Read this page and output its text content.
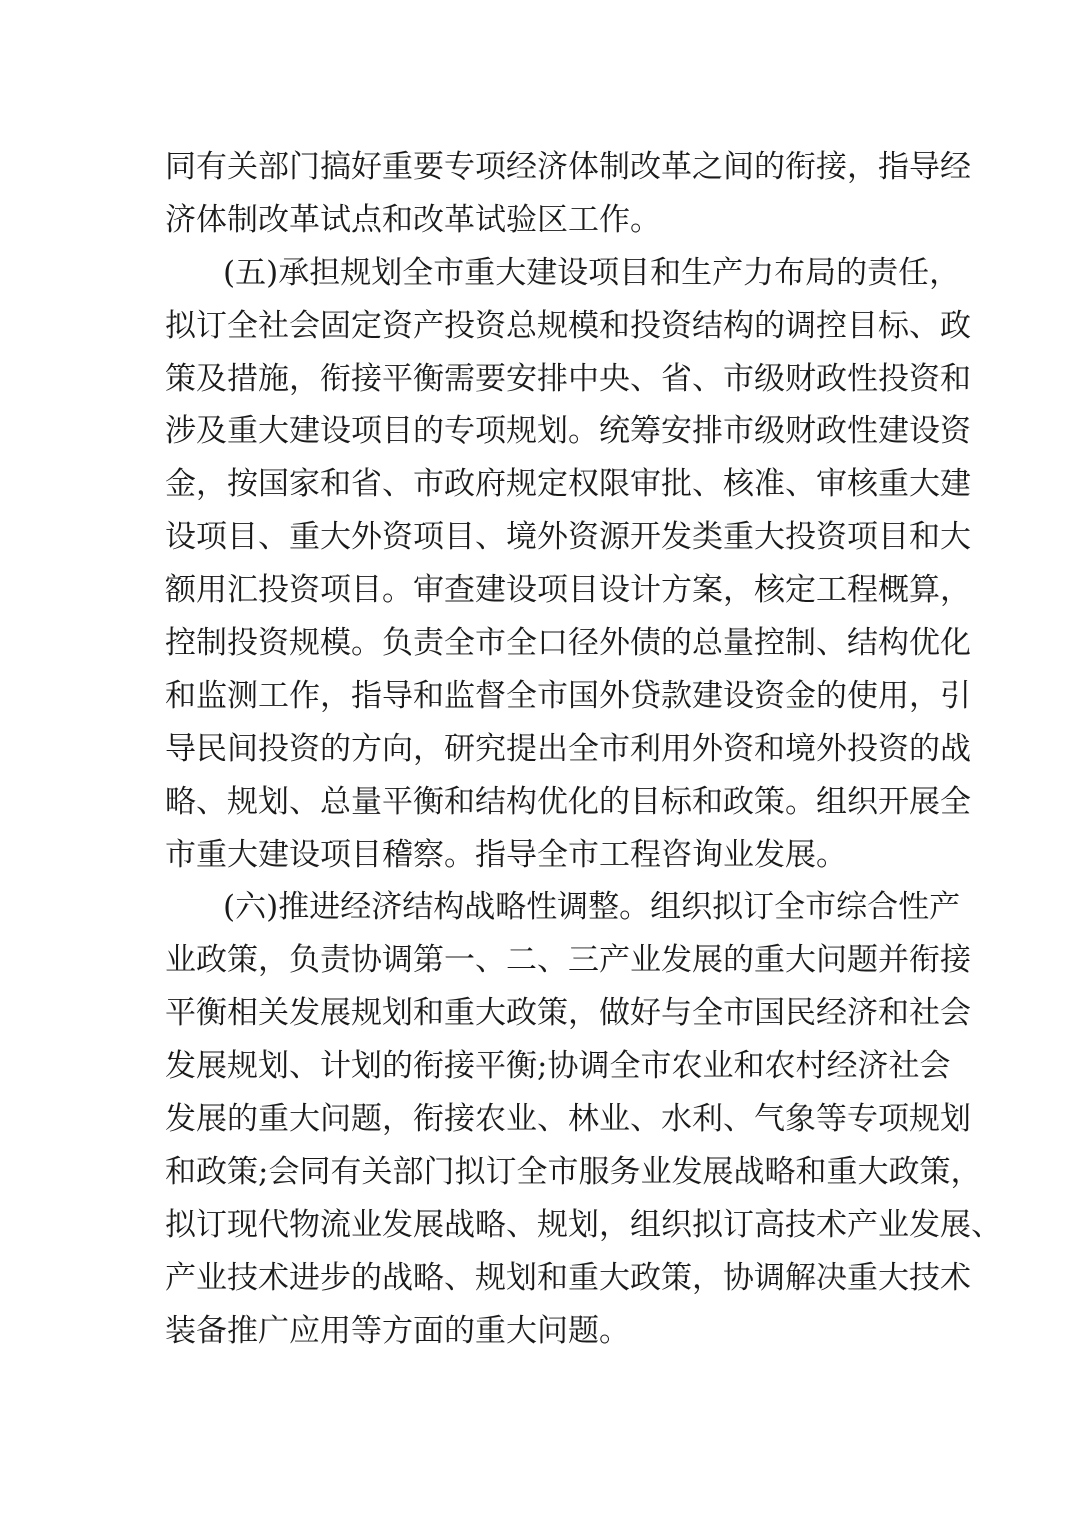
同有关部门搞好重要专项经济体制改革之间的衔接，指导经
济体制改革试点和改革试验区工作。
(五)承担规划全市重大建设项目和生产力布局的责任，
拟订全社会固定资产投资总规模和投资结构的调控目标、政
策及措施，衔接平衡需要安排中央、省、市级财政性投资和
涉及重大建设项目的专项规划。统筹安排市级财政性建设资
金，按国家和省、市政府规定权限审批、核准、审核重大建
设项目、重大外资项目、境外资源开发类重大投资项目和大
额用汇投资项目。审查建设项目设计方案，核定工程概算，
控制投资规模。负责全市全口径外债的总量控制、结构优化
和监测工作，指导和监督全市国外贷款建设资金的使用，引
导民间投资的方向，研究提出全市利用外资和境外投资的战
略、规划、总量平衡和结构优化的目标和政策。组织开展全
市重大建设项目稽察。指导全市工程咨询业发展。
(六)推进经济结构战略性调整。组织拟订全市综合性产
业政策，负责协调第一、二、三产业发展的重大问题并衔接
平衡相关发展规划和重大政策，做好与全市国民经济和社会
发展规划、计划的衔接平衡;协调全市农业和农村经济社会
发展的重大问题，衔接农业、林业、水利、气象等专项规划
和政策;会同有关部门拟订全市服务业发展战略和重大政策，
拟订现代物流业发展战略、规划，组织拟订高技术产业发展、
产业技术进步的战略、规划和重大政策，协调解决重大技术
装备推广应用等方面的重大问题。
